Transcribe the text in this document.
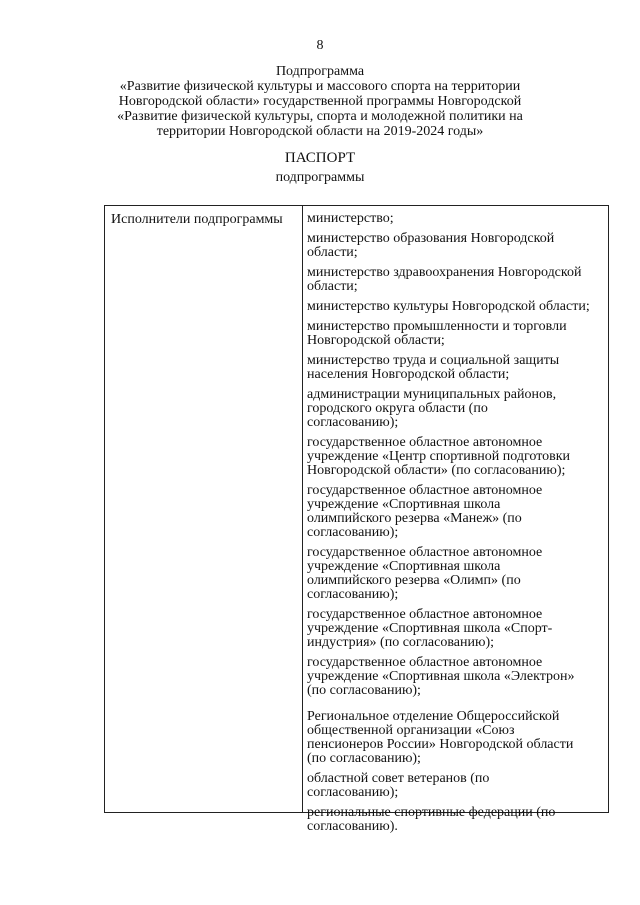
8
Подпрограмма
«Развитие физической культуры и массового спорта на территории
Новгородской области» государственной программы Новгородской
«Развитие физической культуры, спорта и молодежной политики на
территории Новгородской области на 2019-2024 годы»
ПАСПОРТ
подпрограммы
Исполнители подпрограммы	министерство;
министерство образования Новгородской
области;
министерство здравоохранения Новгородской
области;
министерство культуры Новгородской области;
министерство промышленности и торговли
Новгородской области;
министерство труда и социальной защиты
населения Новгородской области;
администрации муниципальных районов,
городского округа области (по
согласованию);
государственное областное автономное
учреждение «Центр спортивной подготовки
Новгородской области» (по согласованию);
государственное областное автономное
учреждение «Спортивная школа
олимпийского резерва «Манеж» (по
согласованию);
государственное областное автономное
учреждение «Спортивная школа
олимпийского резерва «Олимп» (по
согласованию);
государственное областное автономное
учреждение «Спортивная школа «Спорт-
индустрия» (по согласованию);
государственное областное автономное
учреждение «Спортивная школа «Электрон»
(по согласованию);
Региональное отделение Общероссийской
общественной организации «Союз
пенсионеров России» Новгородской области
(по согласованию);
областной совет ветеранов (по
согласованию);
региональные спортивные федерации (по
согласованию).
